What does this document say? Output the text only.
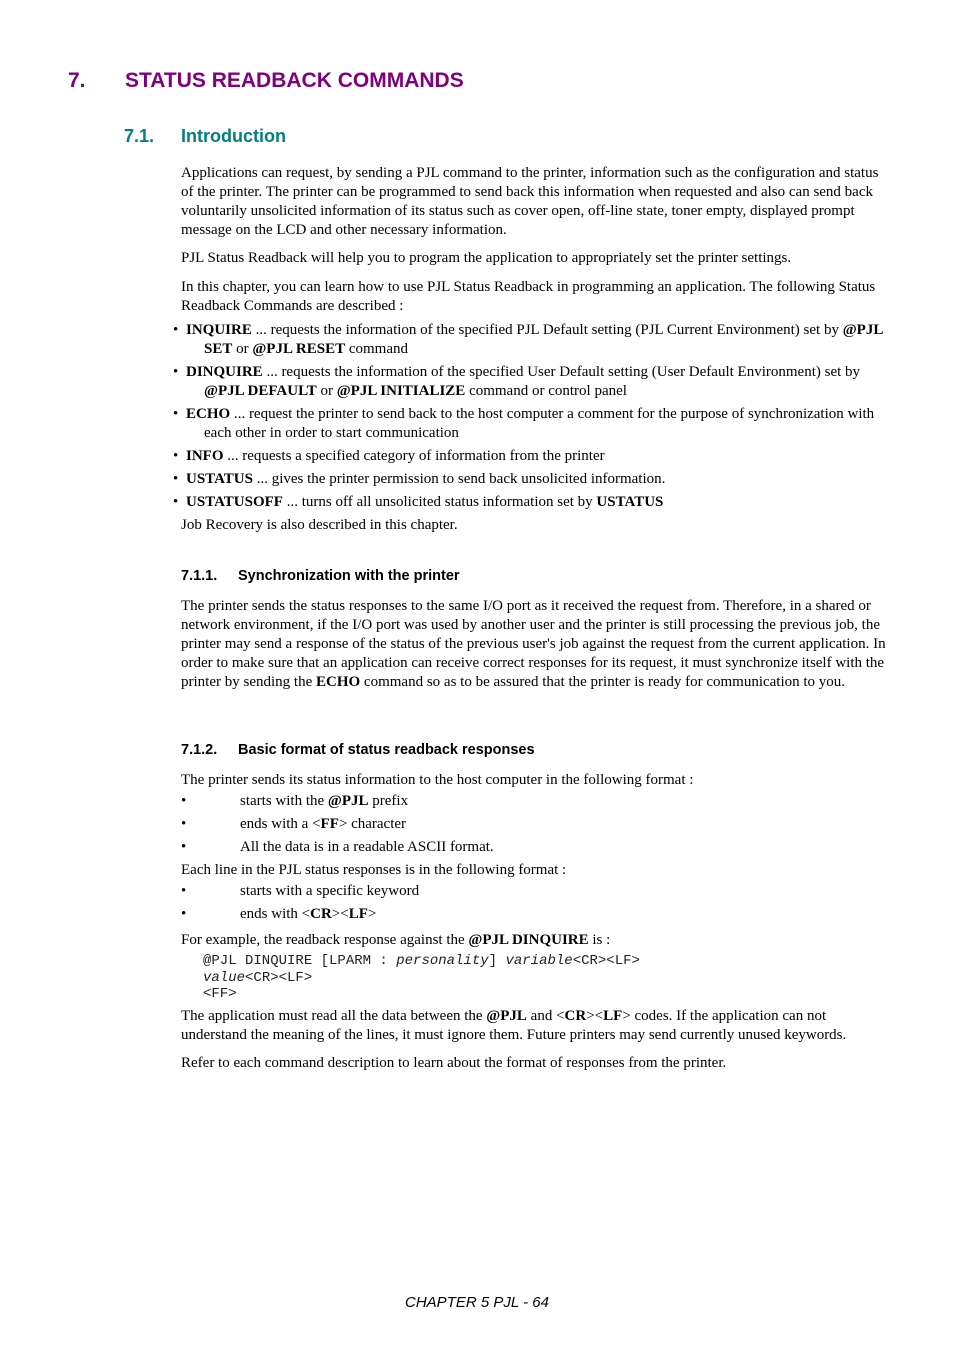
7. STATUS READBACK COMMANDS
7.1. Introduction

Applications can request, by sending a PJL command to the printer, information such as the configuration and status of the printer. The printer can be programmed to send back this information when requested and also can send back voluntarily unsolicited information of its status such as cover open, off-line state, toner empty, displayed prompt message on the LCD and other necessary information.

PJL Status Readback will help you to program the application to appropriately set the printer settings.

In this chapter, you can learn how to use PJL Status Readback in programming an application. The following Status Readback Commands are described :

• INQUIRE ... requests the information of the specified PJL Default setting (PJL Current Environment) set by @PJL SET or @PJL RESET command
• DINQUIRE ... requests the information of the specified User Default setting (User Default Environment) set by @PJL DEFAULT or @PJL INITIALIZE command or control panel
• ECHO ... request the printer to send back to the host computer a comment for the purpose of synchronization with each other in order to start communication
• INFO ... requests a specified category of information from the printer
• USTATUS ... gives the printer permission to send back unsolicited information.
• USTATUSOFF ... turns off all unsolicited status information set by USTATUS

Job Recovery is also described in this chapter.

7.1.1. Synchronization with the printer

The printer sends the status responses to the same I/O port as it received the request from. Therefore, in a shared or network environment, if the I/O port was used by another user and the printer is still processing the previous job, the printer may send a response of the status of the previous user's job against the request from the current application. In order to make sure that an application can receive correct responses for its request, it must synchronize itself with the printer by sending the ECHO command so as to be assured that the printer is ready for communication to you.

7.1.2. Basic format of status readback responses

The printer sends its status information to the host computer in the following format :

•	starts with the @PJL prefix
•	ends with a <FF> character
•	All the data is in a readable ASCII format.

Each line in the PJL status responses is in the following format :

•	starts with a specific keyword
•	ends with <CR><LF>

For example, the readback response against the @PJL DINQUIRE is :

@PJL DINQUIRE [LPARM : personality] variable<CR><LF>
value<CR><LF>
<FF>

The application must read all the data between the @PJL and <CR><LF> codes. If the application can not understand the meaning of the lines, it must ignore them. Future printers may send currently unused keywords.

Refer to each command description to learn about the format of responses from the printer.

CHAPTER 5 PJL - 64
